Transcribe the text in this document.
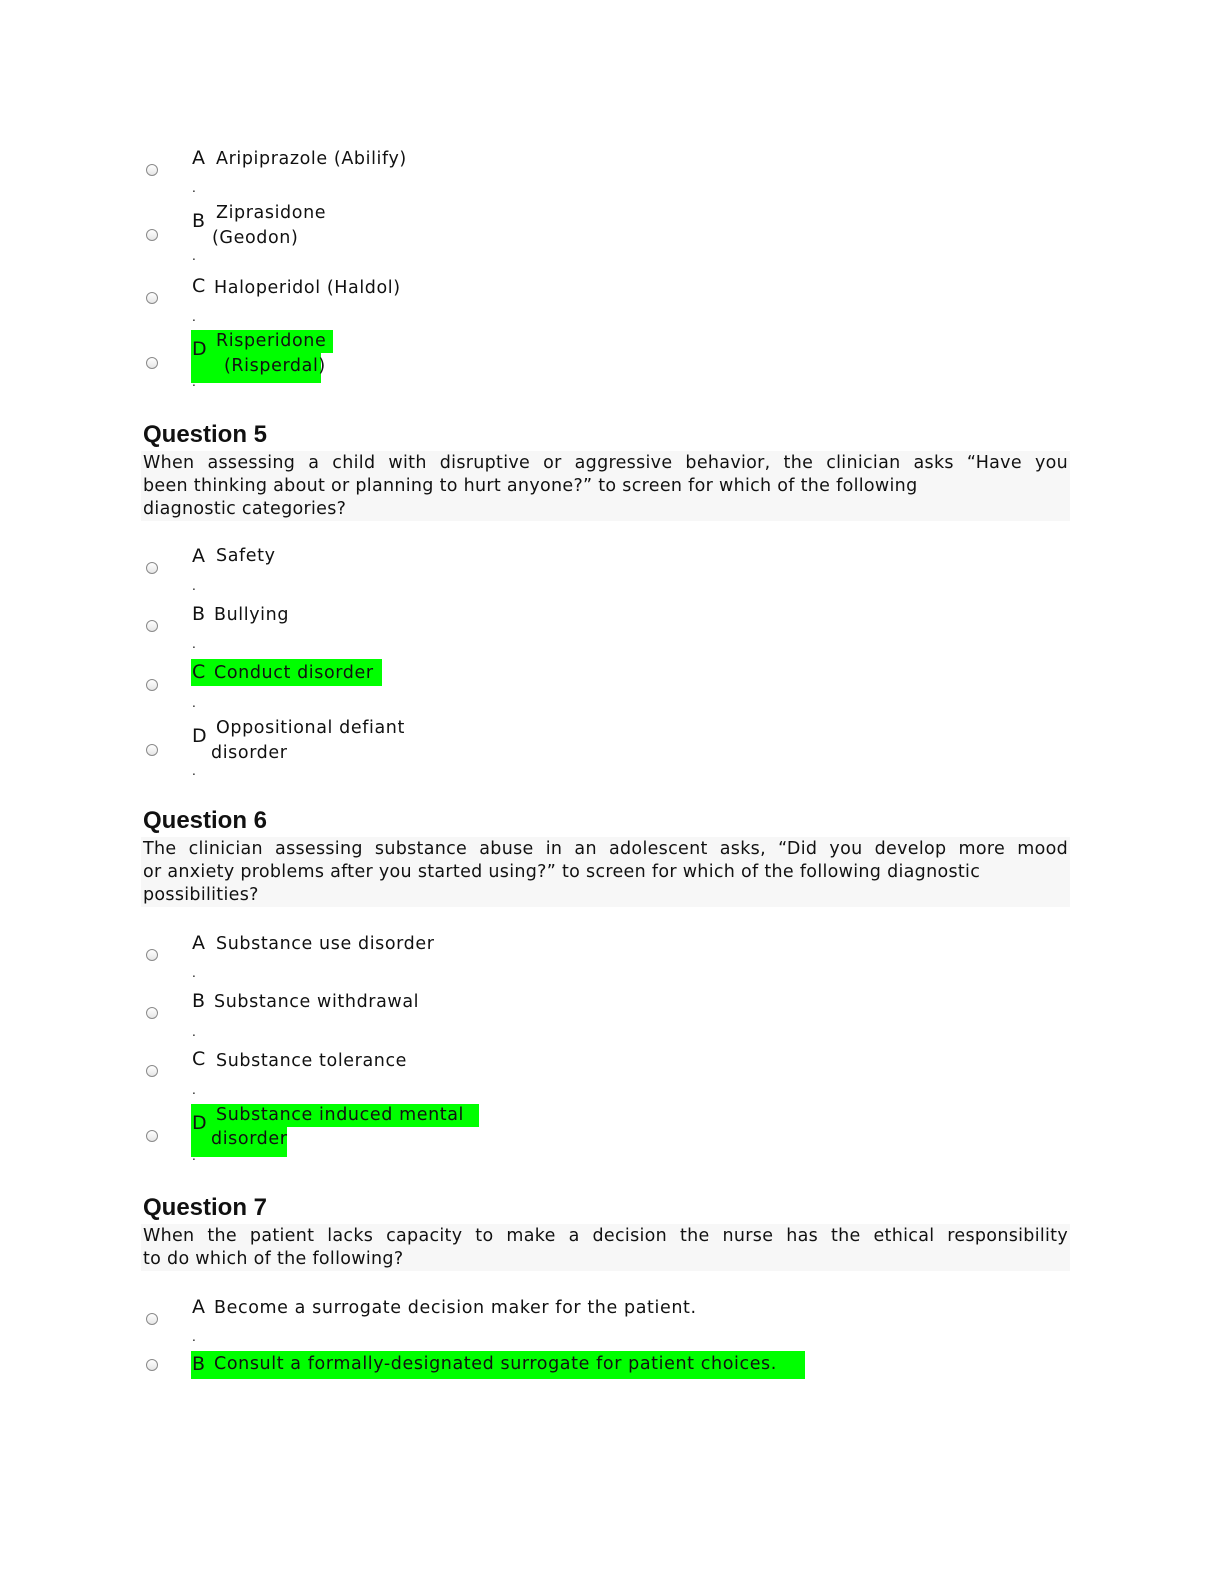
A Aripiprazole (Abilify)
.
B Ziprasidone
(Geodon)
.
C Haloperidol (Haldol)
.
D Risperidone
(Risperdal)
.
Question 5
When assessing a child with disruptive or aggressive behavior, the clinician asks “Have you
been thinking about or planning to hurt anyone?” to screen for which of the following
diagnostic categories?
A Safety
.
B Bullying
.
C Conduct disorder
.
D Oppositional defiant
disorder
.
Question 6
The clinician assessing substance abuse in an adolescent asks, “Did you develop more mood
or anxiety problems after you started using?” to screen for which of the following diagnostic
possibilities?
A Substance use disorder
.
B Substance withdrawal
.
C Substance tolerance
.
D Substance induced mental
disorder
.
Question 7
When the patient lacks capacity to make a decision the nurse has the ethical responsibility
to do which of the following?
A Become a surrogate decision maker for the patient.
.
B Consult a formally-designated surrogate for patient choices.
